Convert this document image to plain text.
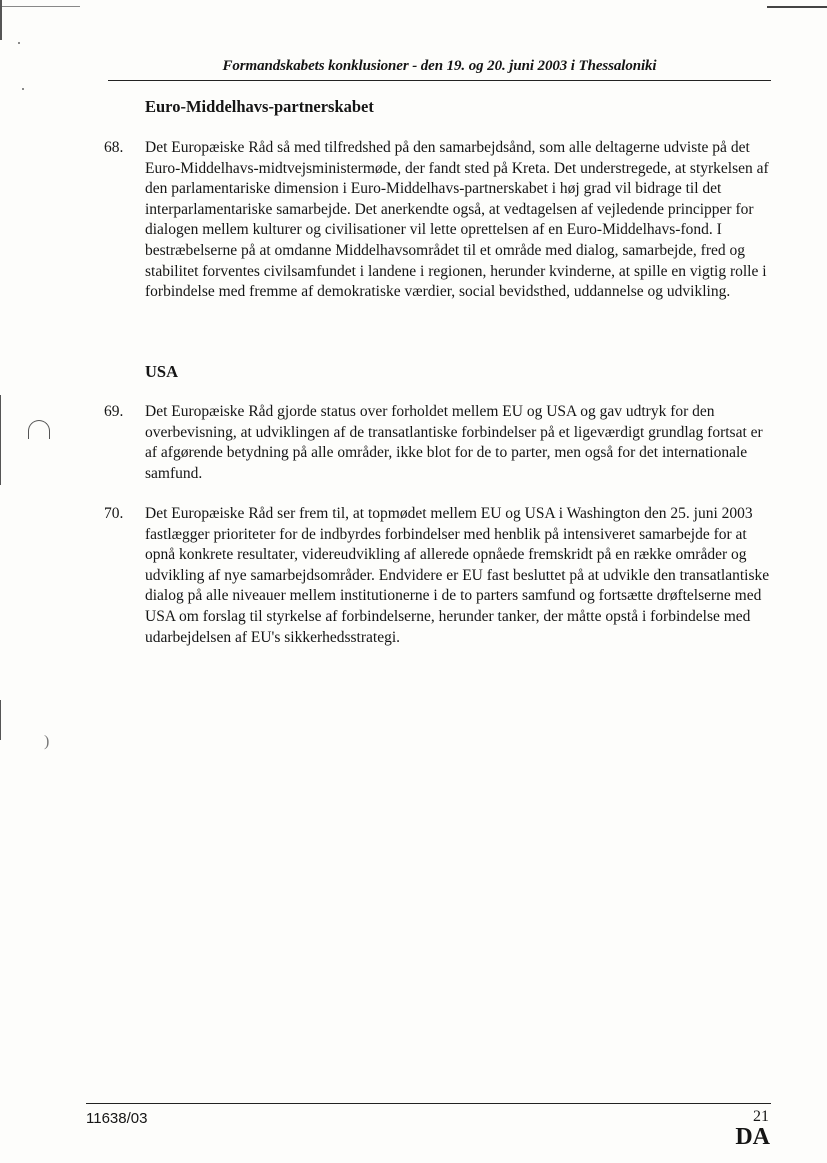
)
Formandskabets konklusioner - den 19. og 20. juni 2003 i Thessaloniki
Euro-Middelhavs-partnerskabet
68. Det Europæiske Råd så med tilfredshed på den samarbejdsånd, som alle deltagerne udviste på det Euro-Middelhavs-midtvejsministermøde, der fandt sted på Kreta. Det understregede, at styrkelsen af den parlamentariske dimension i Euro-Middelhavs-partnerskabet i høj grad vil bidrage til det interparlamentariske samarbejde. Det anerkendte også, at vedtagelsen af vejledende principper for dialogen mellem kulturer og civilisationer vil lette oprettelsen af en Euro-Middelhavs-fond. I bestræbelserne på at omdanne Middelhavsområdet til et område med dialog, samarbejde, fred og stabilitet forventes civilsamfundet i landene i regionen, herunder kvinderne, at spille en vigtig rolle i forbindelse med fremme af demokratiske værdier, social bevidsthed, uddannelse og udvikling.
USA
69. Det Europæiske Råd gjorde status over forholdet mellem EU og USA og gav udtryk for den overbevisning, at udviklingen af de transatlantiske forbindelser på et ligeværdigt grundlag fortsat er af afgørende betydning på alle områder, ikke blot for de to parter, men også for det internationale samfund.
70. Det Europæiske Råd ser frem til, at topmødet mellem EU og USA i Washington den 25. juni 2003 fastlægger prioriteter for de indbyrdes forbindelser med henblik på intensiveret samarbejde for at opnå konkrete resultater, videreudvikling af allerede opnåede fremskridt på en række områder og udvikling af nye samarbejdsområder. Endvidere er EU fast besluttet på at udvikle den transatlantiske dialog på alle niveauer mellem institutionerne i de to parters samfund og fortsætte drøftelserne med USA om forslag til styrkelse af forbindelserne, herunder tanker, der måtte opstå i forbindelse med udarbejdelsen af EU's sikkerhedsstrategi.
11638/03	21
DA
